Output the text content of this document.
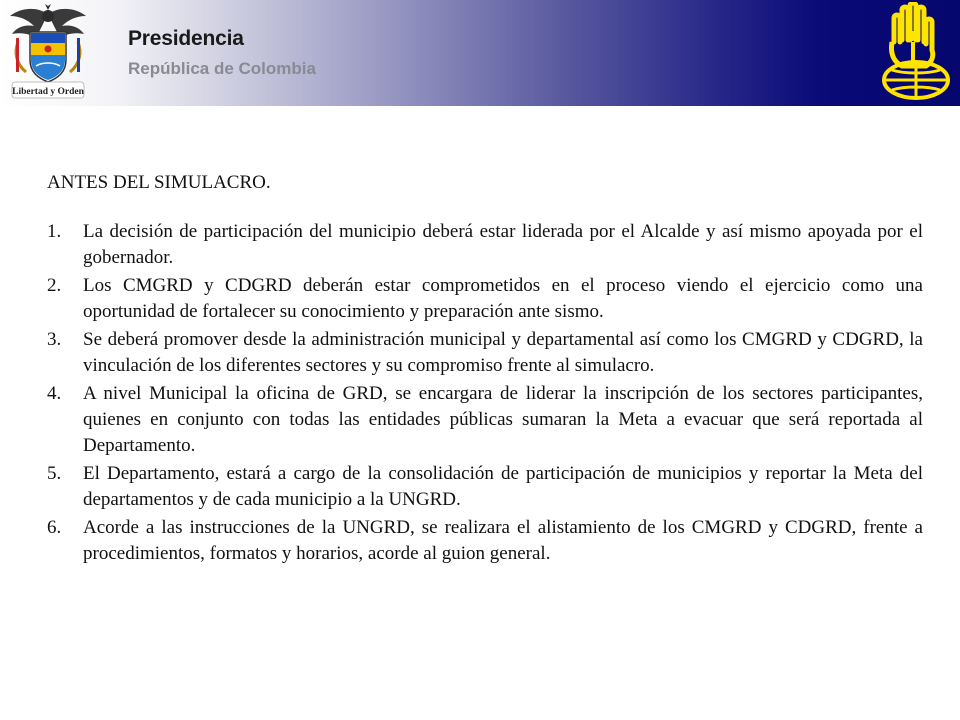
Libertad y Orden
Presidencia
República de Colombia

ANTES DEL SIMULACRO.

1. La decisión de participación del municipio deberá estar liderada por el Alcalde y así mismo apoyada por el gobernador.
2. Los CMGRD y CDGRD deberán estar comprometidos en el proceso viendo el ejercicio como una oportunidad de fortalecer su conocimiento y preparación ante sismo.
3. Se deberá promover desde la administración municipal y departamental así como los CMGRD y CDGRD, la vinculación de los diferentes sectores y su compromiso frente al simulacro.
4. A nivel Municipal la oficina de GRD, se encargara de liderar la inscripción de los sectores participantes, quienes en conjunto con todas las entidades públicas sumaran la Meta a evacuar que será reportada al Departamento.
5. El Departamento, estará a cargo de la consolidación de participación de municipios y reportar la Meta del departamentos y de cada municipio a la UNGRD.
6. Acorde a las instrucciones de la UNGRD, se realizara el alistamiento de los CMGRD y CDGRD, frente a procedimientos, formatos y horarios, acorde al guion general.
